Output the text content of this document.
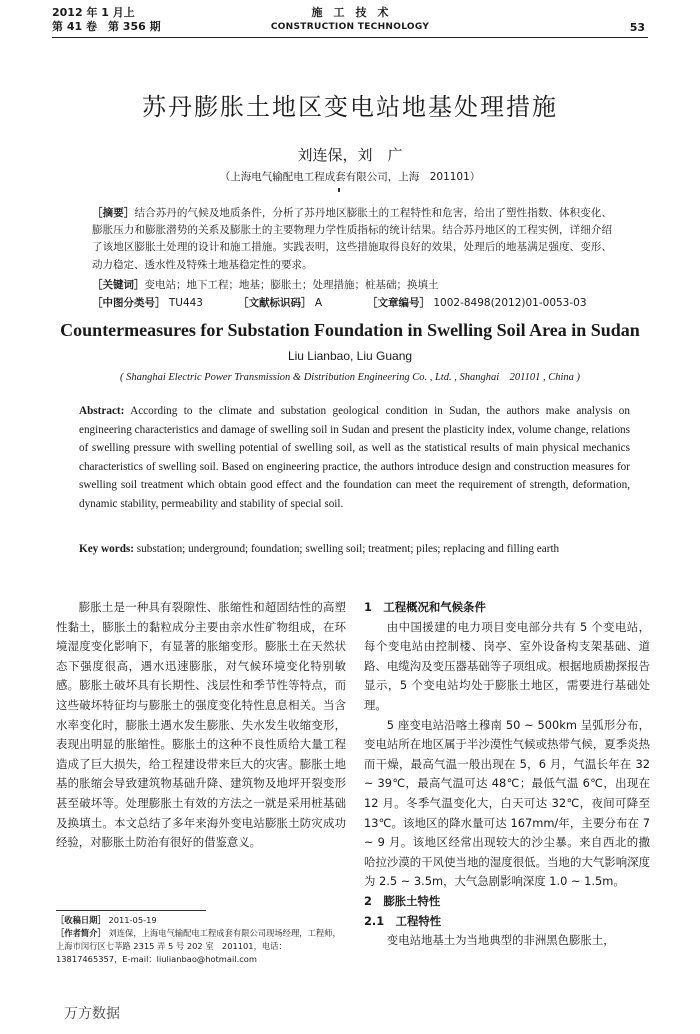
2012 年 1 月上
第 41 卷　第 356 期
施　工　技　术
CONSTRUCTION TECHNOLOGY	53
苏丹膨胀土地区变电站地基处理措施
刘连保，刘　广
（上海电气输配电工程成套有限公司，上海　201101）
［摘要］结合苏丹的气候及地质条件，分析了苏丹地区膨胀土的工程特性和危害，给出了塑性指数、体积变化、膨胀压力和膨胀潜势的关系及膨胀土的主要物理力学性质指标的统计结果。结合苏丹地区的工程实例，详细介绍了该地区膨胀土处理的设计和施工措施。实践表明，这些措施取得良好的效果，处理后的地基满足强度、变形、动力稳定、透水性及特殊土地基稳定性的要求。
［关键词］变电站；地下工程；地基；膨胀土；处理措施；桩基础；换填土
［中图分类号］ TU443	［文献标识码］ A	［文章编号］ 1002-8498(2012)01-0053-03
Countermeasures for Substation Foundation in Swelling Soil Area in Sudan
Liu Lianbao, Liu Guang
( Shanghai Electric Power Transmission & Distribution Engineering Co. , Ltd. , Shanghai　201101 , China )
Abstract: According to the climate and substation geological condition in Sudan, the authors make analysis on engineering characteristics and damage of swelling soil in Sudan and present the plasticity index, volume change, relations of swelling pressure with swelling potential of swelling soil, as well as the statistical results of main physical mechanics characteristics of swelling soil. Based on engineering practice, the authors introduce design and construction measures for swelling soil treatment which obtain good effect and the foundation can meet the requirement of strength, deformation, dynamic stability, permeability and stability of special soil.
Key words: substation; underground; foundation; swelling soil; treatment; piles; replacing and filling earth

膨胀土是一种具有裂隙性、胀缩性和超固结性的高塑性黏土，膨胀土的黏粒成分主要由亲水性矿物组成，在环境湿度变化影响下，有显著的胀缩变形。膨胀土在天然状态下强度很高，遇水迅速膨胀，对气候环境变化特别敏感。膨胀土破坏具有长期性、浅层性和季节性等特点，而这些破坏特征均与膨胀土的强度变化特性息息相关。当含水率变化时，膨胀土遇水发生膨胀、失水发生收缩变形，表现出明显的胀缩性。膨胀土的这种不良性质给大量工程造成了巨大损失，给工程建设带来巨大的灾害。膨胀土地基的胀缩会导致建筑物基础升降、建筑物及地坪开裂变形甚至破坏等。处理膨胀土有效的方法之一就是采用桩基础及换填土。本文总结了多年来海外变电站膨胀土防灾成功经验，对膨胀土防治有很好的借鉴意义。

［收稿日期］ 2011-05-19
［作者简介］ 刘连保，上海电气输配电工程成套有限公司现场经理，工程师，上海市闵行区七莘路 2315 弄 5 号 202 室　201101，电话：13817465357，E-mail：liulianbao@hotmail.com
1　工程概况和气候条件

由中国援建的电力项目变电部分共有 5 个变电站，每个变电站由控制楼、岗亭、室外设备构支架基础、道路、电缆沟及变压器基础等子项组成。根据地质勘探报告显示，5 个变电站均处于膨胀土地区，需要进行基础处理。

5 座变电站沿喀土穆南 50 ~ 500km 呈弧形分布，变电站所在地区属于半沙漠性气候或热带气候，夏季炎热而干燥，最高气温一般出现在 5，6 月，气温长年在 32 ~ 39℃，最高气温可达 48℃；最低气温 6℃，出现在 12 月。冬季气温变化大，白天可达 32℃，夜间可降至 13℃。该地区的降水量可达 167mm/年，主要分布在 7 ~ 9 月。该地区经常出现较大的沙尘暴。来自西北的撒哈拉沙漠的干风使当地的湿度很低。当地的大气影响深度为 2.5 ~ 3.5m，大气急剧影响深度 1.0 ~ 1.5m。

2　膨胀土特性
2.1　工程特性

变电站地基土为当地典型的非洲黑色膨胀土，

万方数据
